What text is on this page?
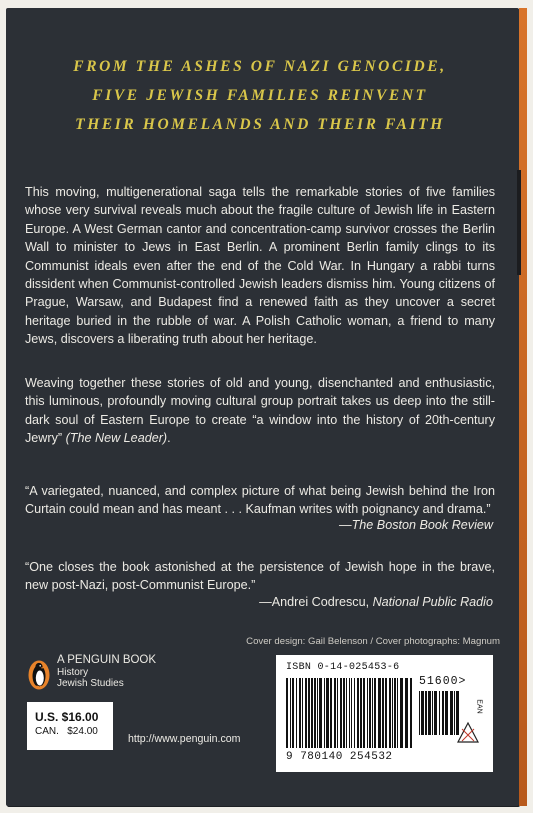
FROM THE ASHES OF NAZI GENOCIDE,
FIVE JEWISH FAMILIES REINVENT
THEIR HOMELANDS AND THEIR FAITH

This moving, multigenerational saga tells the remarkable stories of five families whose very survival reveals much about the fragile culture of Jewish life in Eastern Europe. A West German cantor and concentration-camp survivor crosses the Berlin Wall to minister to Jews in East Berlin. A prominent Berlin family clings to its Communist ideals even after the end of the Cold War. In Hungary a rabbi turns dissident when Communist-controlled Jewish leaders dismiss him. Young citizens of Prague, Warsaw, and Budapest find a renewed faith as they uncover a secret heritage buried in the rubble of war. A Polish Catholic woman, a friend to many Jews, discovers a liberating truth about her heritage.

Weaving together these stories of old and young, disenchanted and enthusiastic, this luminous, profoundly moving cultural group portrait takes us deep into the still-dark soul of Eastern Europe to create “a window into the history of 20th-century Jewry” (The New Leader).

“A variegated, nuanced, and complex picture of what being Jewish behind the Iron Curtain could mean and has meant . . . Kaufman writes with poignancy and drama.”

—The Boston Book Review

“One closes the book astonished at the persistence of Jewish hope in the brave, new post-Nazi, post-Communist Europe.”

—Andrei Codrescu, National Public Radio
Cover design: Gail Belenson / Cover photographs: Magnum
A PENGUIN BOOK
History
Jewish Studies
U.S. $16.00
CAN.   $24.00
http://www.penguin.com
ISBN 0-14-025453-6
51600>
EAN
9 780140 254532
